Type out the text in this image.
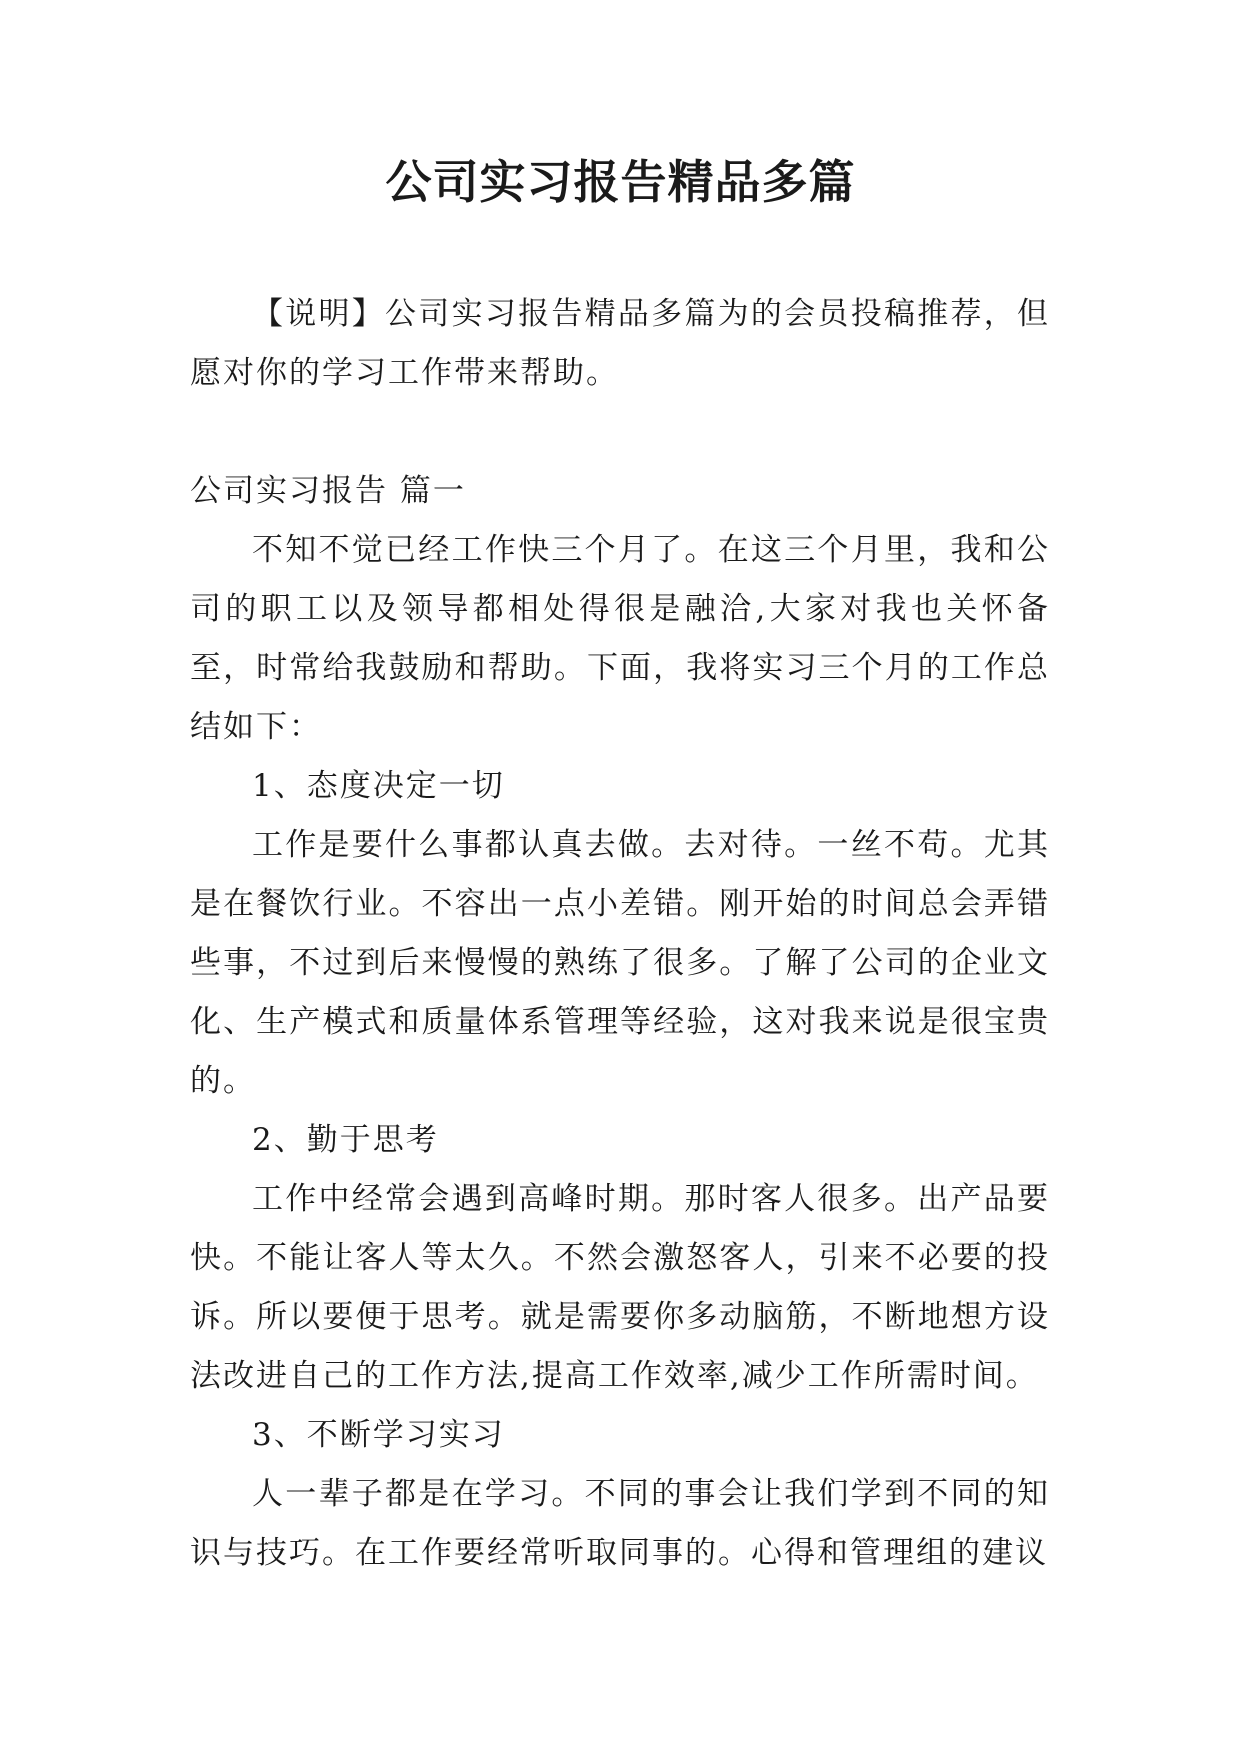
公司实习报告精品多篇

【说明】公司实习报告精品多篇为的会员投稿推荐，但愿对你的学习工作带来帮助。

公司实习报告 篇一

不知不觉已经工作快三个月了。在这三个月里，我和公司的职工以及领导都相处得很是融洽,大家对我也关怀备至，时常给我鼓励和帮助。下面，我将实习三个月的工作总结如下：

1、态度决定一切

工作是要什么事都认真去做。去对待。一丝不苟。尤其是在餐饮行业。不容出一点小差错。刚开始的时间总会弄错些事，不过到后来慢慢的熟练了很多。了解了公司的企业文化、生产模式和质量体系管理等经验，这对我来说是很宝贵的。

2、勤于思考

工作中经常会遇到高峰时期。那时客人很多。出产品要快。不能让客人等太久。不然会激怒客人，引来不必要的投诉。所以要便于思考。就是需要你多动脑筋，不断地想方设法改进自己的工作方法,提高工作效率,减少工作所需时间。

3、不断学习实习

人一辈子都是在学习。不同的事会让我们学到不同的知识与技巧。在工作要经常听取同事的。心得和管理组的建议
